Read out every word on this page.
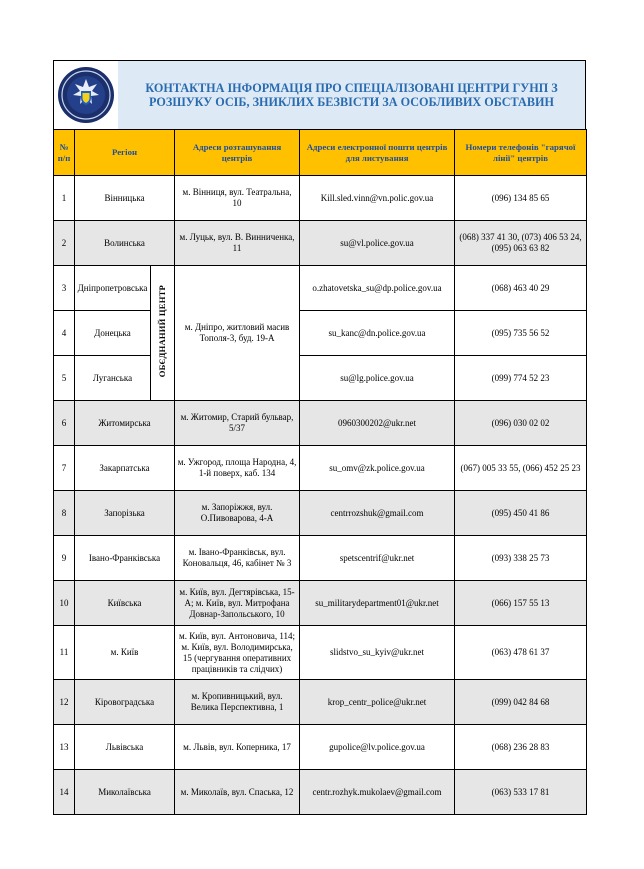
КОНТАКТНА ІНФОРМАЦІЯ ПРО СПЕЦІАЛІЗОВАНІ ЦЕНТРИ ГУНП З РОЗШУКУ ОСІБ, ЗНИКЛИХ БЕЗВІСТИ ЗА ОСОБЛИВИХ ОБСТАВИН
№ п/п	Регіон		Адреси розташування центрів	Адреси електронної пошти центрів для листування	Номери телефонів "гарячої лінії" центрів
1	Вінницька		м. Вінниця, вул. Театральна, 10	Kill.sled.vinn@vn.polic.gov.ua	(096) 134 85 65
2	Волинська		м. Луцьк, вул. В. Винниченка, 11	su@vl.police.gov.ua	(068) 337 41 30, (073) 406 53 24, (095) 063 63 82
3	Дніпропетровська	ОБЄДНАНИЙ ЦЕНТР	м. Дніпро, житловий масив Тополя-3, буд. 19-А	o.zhatovetska_su@dp.police.gov.ua	(068) 463 40 29
4	Донецька			su_kanc@dn.police.gov.ua	(095) 735 56 52
5	Луганська			su@lg.police.gov.ua	(099) 774 52 23
6	Житомирська		м. Житомир, Старий бульвар, 5/37	0960300202@ukr.net	(096) 030 02 02
7	Закарпатська		м. Ужгород, площа Народна, 4, 1-й поверх, каб. 134	su_omv@zk.police.gov.ua	(067) 005 33 55, (066) 452 25 23
8	Запорізька		м. Запоріжжя, вул. О.Пивоварова, 4-А	centrrozshuk@gmail.com	(095) 450 41 86
9	Івано-Франківська		м. Івано-Франківськ, вул. Коновальця, 46, кабінет № 3	spetscentrif@ukr.net	(093) 338 25 73
10	Київська		м. Київ, вул. Дегтярівська, 15-А; м. Київ, вул. Митрофана Довнар-Запольського, 10	su_militarydepartment01@ukr.net	(066) 157 55 13
11	м. Київ		м. Київ, вул. Антоновича, 114; м. Київ, вул. Володимирська, 15 (чергування оперативних працівників та слідчих)	slidstvo_su_kyiv@ukr.net	(063) 478 61 37
12	Кіровоградська		м. Кропивницький, вул. Велика Перспективна, 1	krop_centr_police@ukr.net	(099) 042 84 68
13	Львівська		м. Львів, вул. Коперника, 17	gupolice@lv.police.gov.ua	(068) 236 28 83
14	Миколаївська		м. Миколаїв, вул. Спаська, 12	centr.rozhyk.mukolaev@gmail.com	(063) 533 17 81
